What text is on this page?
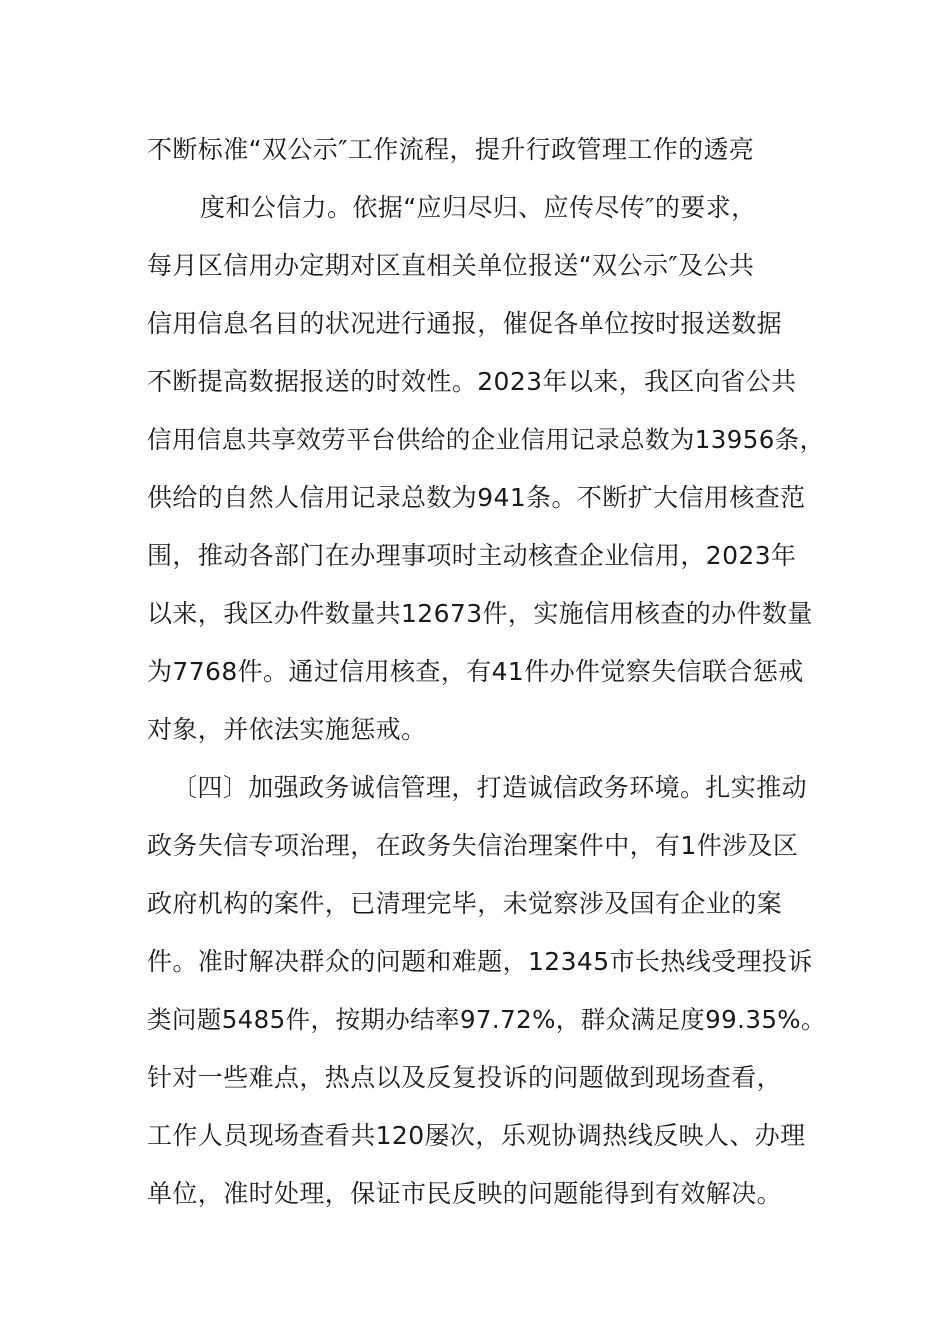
不断标准“双公示″工作流程，提升行政管理工作的透亮
度和公信力。依据“应归尽归、应传尽传″的要求，
每月区信用办定期对区直相关单位报送“双公示″及公共
信用信息名目的状况进行通报，催促各单位按时报送数据
不断提高数据报送的时效性。2023年以来，我区向省公共
信用信息共享效劳平台供给的企业信用记录总数为13956条，
供给的自然人信用记录总数为941条。不断扩大信用核查范
围，推动各部门在办理事项时主动核查企业信用，2023年
以来，我区办件数量共12673件，实施信用核查的办件数量
为7768件。通过信用核查，有41件办件觉察失信联合惩戒
对象，并依法实施惩戒。
〔四〕加强政务诚信管理，打造诚信政务环境。扎实推动
政务失信专项治理，在政务失信治理案件中，有1件涉及区
政府机构的案件，已清理完毕，未觉察涉及国有企业的案
件。准时解决群众的问题和难题，12345市长热线受理投诉
类问题5485件，按期办结率97.72%，群众满足度99.35%。
针对一些难点，热点以及反复投诉的问题做到现场查看，
工作人员现场查看共120屡次，乐观协调热线反映人、办理
单位，准时处理，保证市民反映的问题能得到有效解决。
